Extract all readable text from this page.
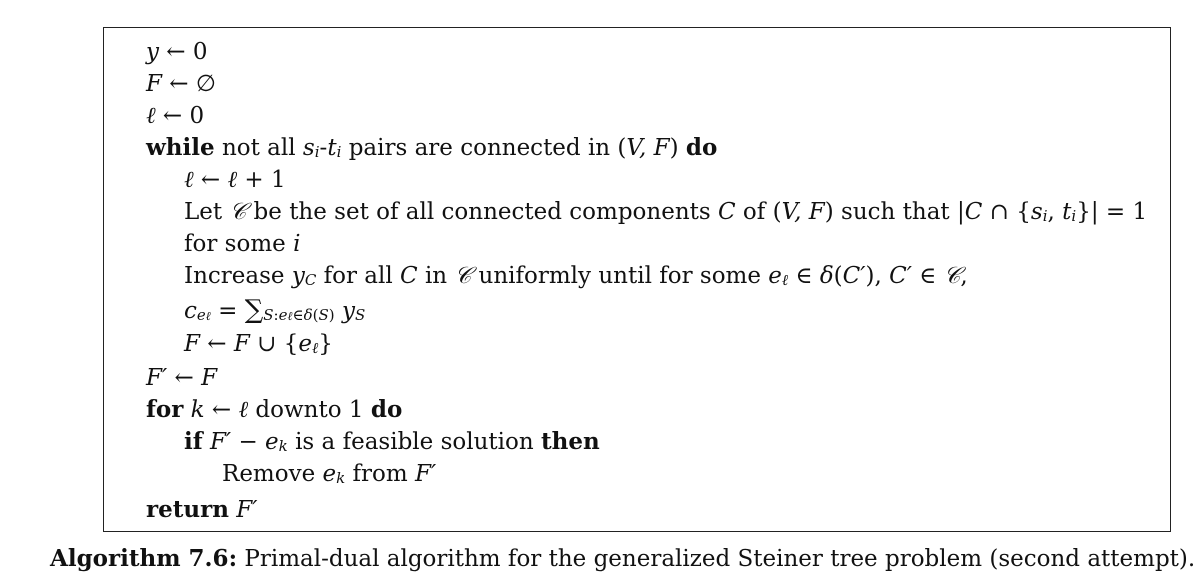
y ← 0
F ← ∅
ℓ ← 0
while not all $s_i-t_i$ pairs are connected in (V, F) do
ℓ ← ℓ + 1
Let 𝒞 be the set of all connected components C of (V, F) such that |C ∩ {$s_i$, $t_i\}| = 1$
for some i
Increase $y_C$ for all C in 𝒞 uniformly until for some $e_\ell$ ∈ δ(C′), C′ ∈ 𝒞,
$c_{e\ell} = \sum_{S:e\ell\in\delta(S)}$ $y_S$
F ← F ∪ $\{e_\ell\}$
F′ ← F
for k ← ℓ downto 1 do
if $F' - e_k$ is a feasible solution then
Remove $e_k$ from F′
return F′
Algorithm 7.6: Primal-dual algorithm for the generalized Steiner tree problem (second attempt).
